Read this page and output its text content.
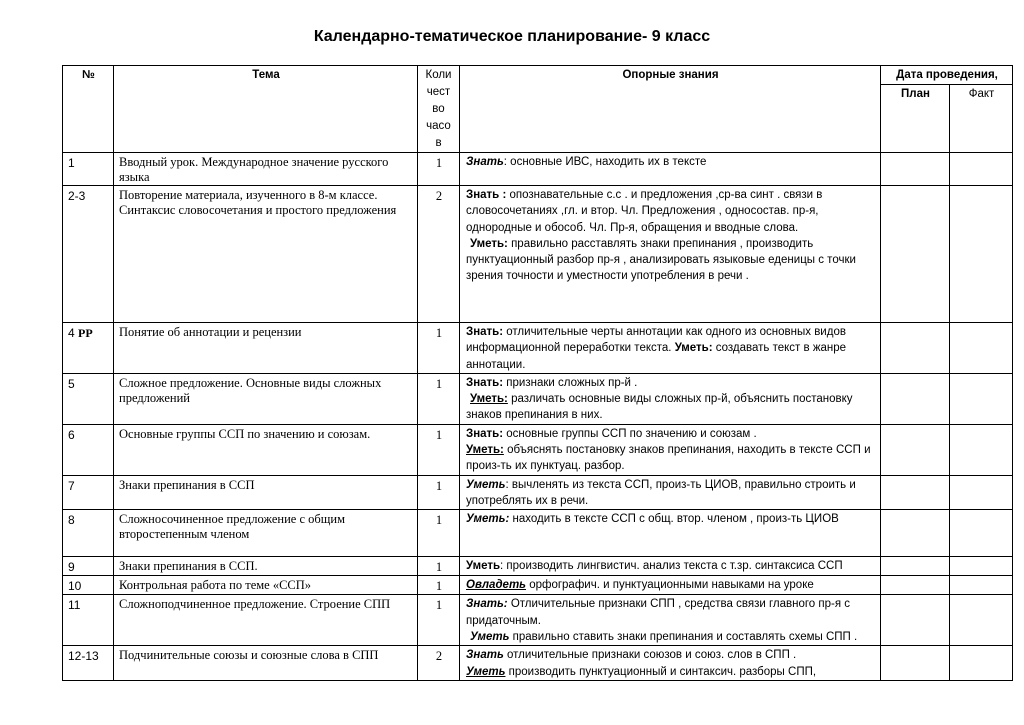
Календарно-тематическое планирование- 9 класс
№	Тема	Коли
чест
во
часо
в	Опорные знания	Дата проведения,	
				План	Факт
1	Вводный урок. Международное значение русского языка	1	Знать: основные ИВС, находить их в тексте		
2-3	Повторение материала, изученного в 8-м классе. Синтаксис словосочетания и простого предложения	2	Знать : опознавательные с.с . и предложения ,ср-ва синт . связи в словосочетаниях ,гл. и втор. Чл. Предложения , односостав. пр-я, однородные и обособ. Чл. Пр-я, обращения и вводные слова.
Уметь: правильно расставлять знаки препинания , производить пунктуационный разбор пр-я , анализировать языковые еденицы с точки зрения точности и уместности употребления в речи .		
4 РР	Понятие об аннотации и рецензии	1	Знать: отличительные черты аннотации как одного из основных видов информационной переработки текста. Уметь: создавать текст в жанре аннотации.		
5	Сложное предложение. Основные виды сложных предложений	1	Знать: признаки сложных пр-й .
Уметь: различать основные виды сложных пр-й, объяснить постановку знаков препинания в них.		
6	Основные группы ССП по значению и союзам.	1	Знать: основные группы ССП по значению и союзам .
Уметь: объяснять постановку знаков препинания, находить в тексте ССП и произ-ть их пунктуац. разбор.		
7	Знаки препинания в ССП	1	Уметь: вычленять из текста ССП, произ-ть ЦИОВ, правильно строить и употреблять их в речи.		
8	Сложносочиненное предложение с общим второстепенным членом	1	Уметь: находить в тексте ССП с общ. втор. членом , произ-ть ЦИОВ		
9	Знаки препинания в ССП.	1	Уметь: производить лингвистич. анализ текста с т.зр. синтаксиса ССП		
10	Контрольная работа по теме «ССП»	1	Овладеть орфографич. и пунктуационными навыками на уроке		
11	Сложноподчиненное предложение. Строение СПП	1	Знать: Отличительные признаки СПП , средства связи главного пр-я с придаточным.
Уметь правильно ставить знаки препинания и составлять схемы СПП .		
12-13	Подчинительные союзы и союзные слова в СПП	2	Знать отличительные признаки союзов и союз. слов в СПП .
Уметь производить пунктуационный и синтаксич. разборы СПП,		
